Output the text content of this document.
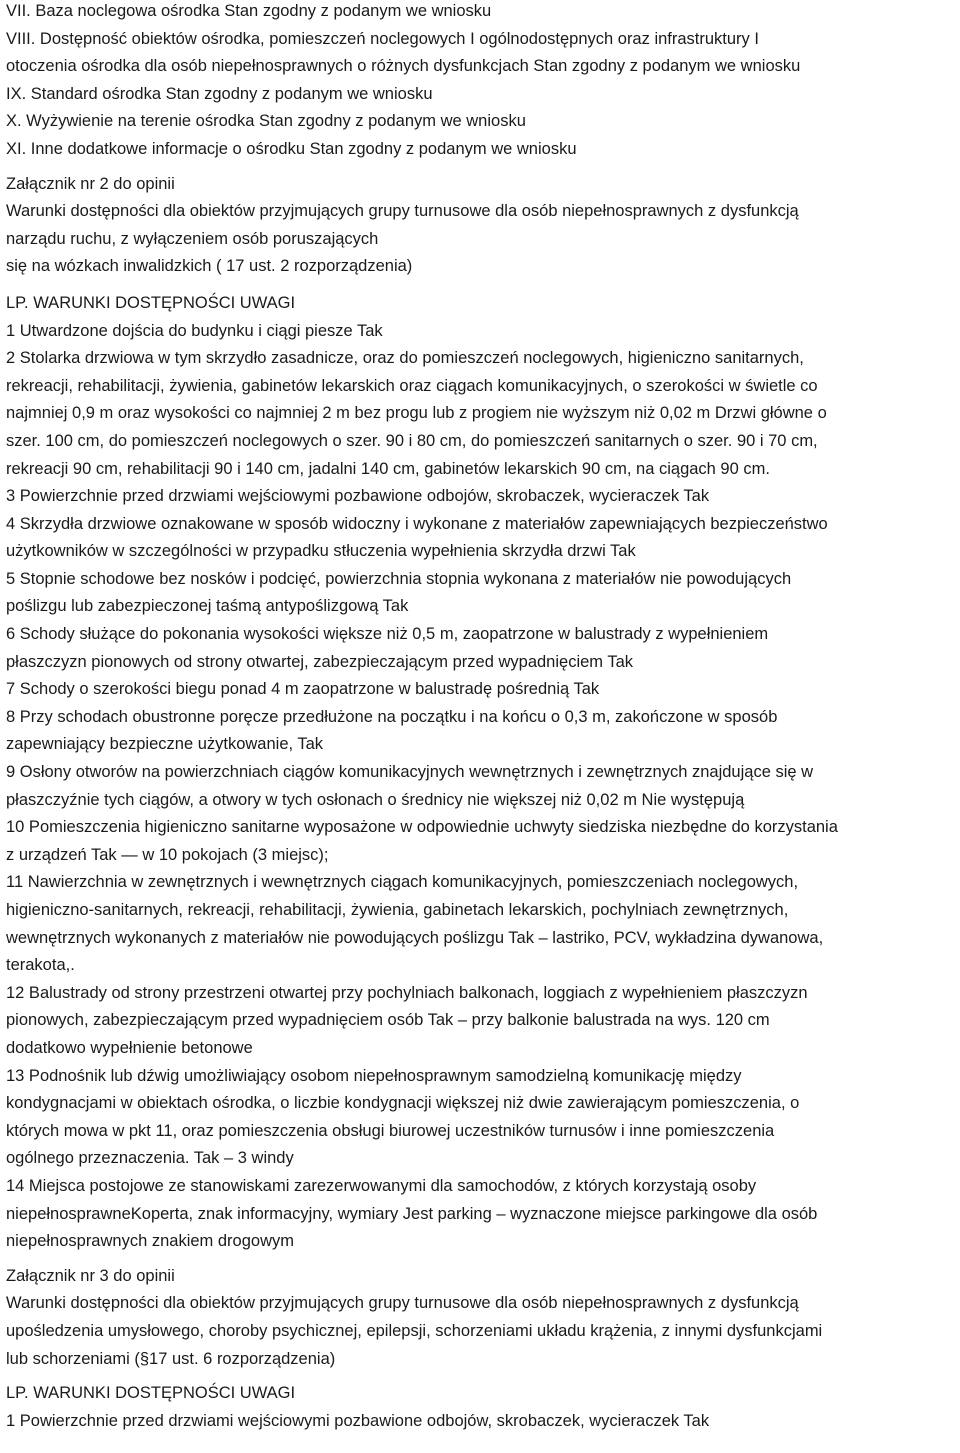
VII. Baza noclegowa ośrodka Stan zgodny z podanym we wniosku
VIII. Dostępność obiektów ośrodka, pomieszczeń noclegowych I ogólnodostępnych oraz infrastruktury I
otoczenia ośrodka dla osób niepełnosprawnych o różnych dysfunkcjach Stan zgodny z podanym we wniosku
IX. Standard ośrodka Stan zgodny z podanym we wniosku
X. Wyżywienie na terenie ośrodka Stan zgodny z podanym we wniosku
XI. Inne dodatkowe informacje o ośrodku Stan zgodny z podanym we wniosku
Załącznik nr 2 do opinii
Warunki dostępności dla obiektów przyjmujących grupy turnusowe dla osób niepełnosprawnych z dysfunkcją
narządu ruchu, z wyłączeniem osób poruszających
się na wózkach inwalidzkich ( 17 ust. 2 rozporządzenia)
LP. WARUNKI DOSTĘPNOŚCI UWAGI
1 Utwardzone dojścia do budynku i ciągi piesze Tak
2 Stolarka drzwiowa w tym skrzydło zasadnicze, oraz do pomieszczeń noclegowych, higieniczno sanitarnych,
rekreacji, rehabilitacji, żywienia, gabinetów lekarskich oraz ciągach komunikacyjnych, o szerokości w świetle co
najmniej 0,9 m oraz wysokości co najmniej 2 m bez progu lub z progiem nie wyższym niż 0,02 m Drzwi główne o
szer. 100 cm, do pomieszczeń noclegowych o szer. 90 i 80 cm, do pomieszczeń sanitarnych o szer. 90 i 70 cm,
rekreacji 90 cm, rehabilitacji 90 i 140 cm, jadalni 140 cm, gabinetów lekarskich 90 cm, na ciągach 90 cm.
3 Powierzchnie przed drzwiami wejściowymi pozbawione odbojów, skrobaczek, wycieraczek Tak
4 Skrzydła drzwiowe oznakowane w sposób widoczny i wykonane z materiałów zapewniających bezpieczeństwo
użytkowników w szczególności w przypadku stłuczenia wypełnienia skrzydła drzwi Tak
5 Stopnie schodowe bez nosków i podcięć, powierzchnia stopnia wykonana z materiałów nie powodujących
poślizgu lub zabezpieczonej taśmą antypoślizgową Tak
6 Schody służące do pokonania wysokości większe niż 0,5 m, zaopatrzone w balustrady z wypełnieniem
płaszczyzn pionowych od strony otwartej, zabezpieczającym przed wypadnięciem Tak
7 Schody o szerokości biegu ponad 4 m zaopatrzone w balustradę pośrednią Tak
8 Przy schodach obustronne poręcze przedłużone na początku i na końcu o 0,3 m, zakończone w sposób
zapewniający bezpieczne użytkowanie, Tak
9 Osłony otworów na powierzchniach ciągów komunikacyjnych wewnętrznych i zewnętrznych znajdujące się w
płaszczyźnie tych ciągów, a otwory w tych osłonach o średnicy nie większej niż 0,02 m Nie występują
10 Pomieszczenia higieniczno sanitarne wyposażone w odpowiednie uchwyty siedziska niezbędne do korzystania
z urządzeń Tak — w 10 pokojach (3 miejsc);
11 Nawierzchnia w zewnętrznych i wewnętrznych ciągach komunikacyjnych, pomieszczeniach noclegowych,
higieniczno-sanitarnych, rekreacji, rehabilitacji, żywienia, gabinetach lekarskich, pochylniach zewnętrznych,
wewnętrznych wykonanych z materiałów nie powodujących poślizgu Tak – lastriko, PCV, wykładzina dywanowa,
terakota,.
12 Balustrady od strony przestrzeni otwartej przy pochylniach balkonach, loggiach z wypełnieniem płaszczyzn
pionowych, zabezpieczającym przed wypadnięciem osób Tak – przy balkonie balustrada na wys. 120 cm
dodatkowo wypełnienie betonowe
13 Podnośnik lub dźwig umożliwiający osobom niepełnosprawnym samodzielną komunikację między
kondygnacjami w obiektach ośrodka, o liczbie kondygnacji większej niż dwie zawierającym pomieszczenia, o
których mowa w pkt 11, oraz pomieszczenia obsługi biurowej uczestników turnusów i inne pomieszczenia
ogólnego przeznaczenia. Tak – 3 windy
14 Miejsca postojowe ze stanowiskami zarezerwowanymi dla samochodów, z których korzystają osoby
niepełnosprawneKoperta, znak informacyjny, wymiary Jest parking – wyznaczone miejsce parkingowe dla osób
niepełnosprawnych znakiem drogowym
Załącznik nr 3 do opinii
Warunki dostępności dla obiektów przyjmujących grupy turnusowe dla osób niepełnosprawnych z dysfunkcją
upośledzenia umysłowego, choroby psychicznej, epilepsji, schorzeniami układu krążenia, z innymi dysfunkcjami
lub schorzeniami (§17 ust. 6 rozporządzenia)
LP. WARUNKI DOSTĘPNOŚCI UWAGI
1 Powierzchnie przed drzwiami wejściowymi pozbawione odbojów, skrobaczek, wycieraczek Tak
